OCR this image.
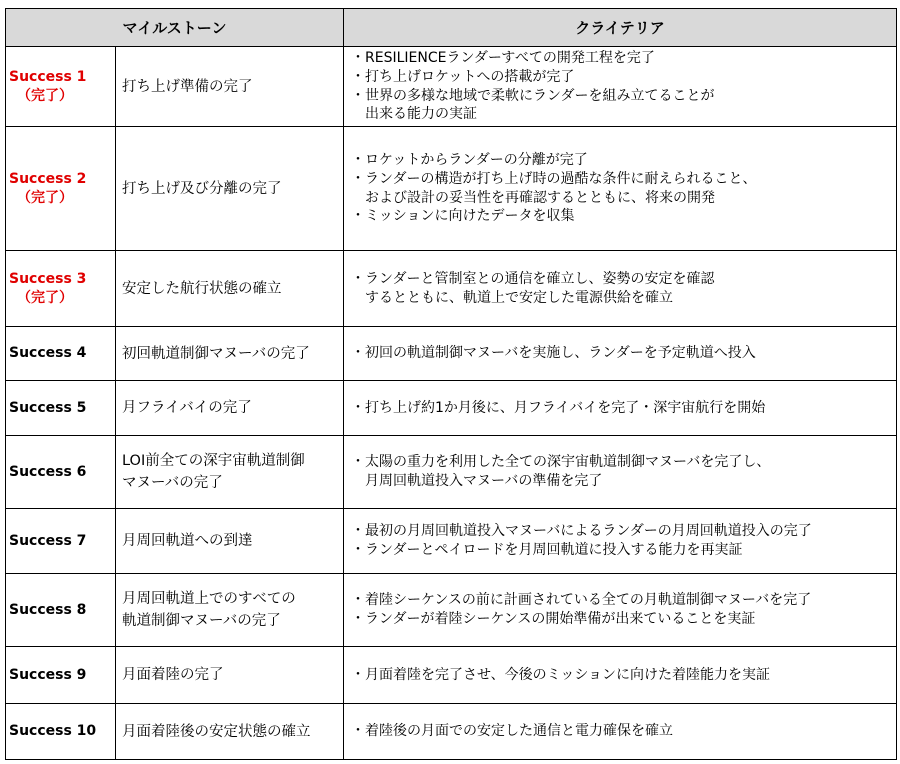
マイルストーン		クライテリア

Success 1
（完了）	打ち上げ準備の完了	・ RESILIENCEランダーすべての開発工程を完了
・ 打ち上げロケットへの搭載が完了
・ 世界の多様な地域で柔軟にランダーを組み立てることが
出来る能力の実証

Success 2
（完了）	打ち上げ及び分離の完了	・ ロケットからランダーの分離が完了
・ ランダーの構造が打ち上げ時の過酷な条件に耐えられること、
および設計の妥当性を再確認するとともに、将来の開発
・ ミッションに向けたデータを収集

Success 3
（完了）	安定した航行状態の確立	・ ランダーと管制室との通信を確立し、姿勢の安定を確認
するとともに、軌道上で安定した電源供給を確立

Success 4	初回軌道制御マヌーバの完了	・ 初回の軌道制御マヌーバを実施し、ランダーを予定軌道へ投入

Success 5	月フライバイの完了	・ 打ち上げ約1か月後に、月フライバイを完了・深宇宙航行を開始

Success 6	LOI前全ての深宇宙軌道制御
マヌーバの完了	・ 太陽の重力を利用した全ての深宇宙軌道制御マヌーバを完了し、
月周回軌道投入マヌーバの準備を完了

Success 7	月周回軌道への到達	・ 最初の月周回軌道投入マヌーバによるランダーの月周回軌道投入の完了
・ ランダーとペイロードを月周回軌道に投入する能力を再実証

Success 8	月周回軌道上でのすべての
軌道制御マヌーバの完了	・ 着陸シーケンスの前に計画されている全ての月軌道制御マヌーバを完了
・ ランダーが着陸シーケンスの開始準備が出来ていることを実証

Success 9	月面着陸の完了	・ 月面着陸を完了させ、今後のミッションに向けた着陸能力を実証

Success 10	月面着陸後の安定状態の確立	・ 着陸後の月面での安定した通信と電力確保を確立
